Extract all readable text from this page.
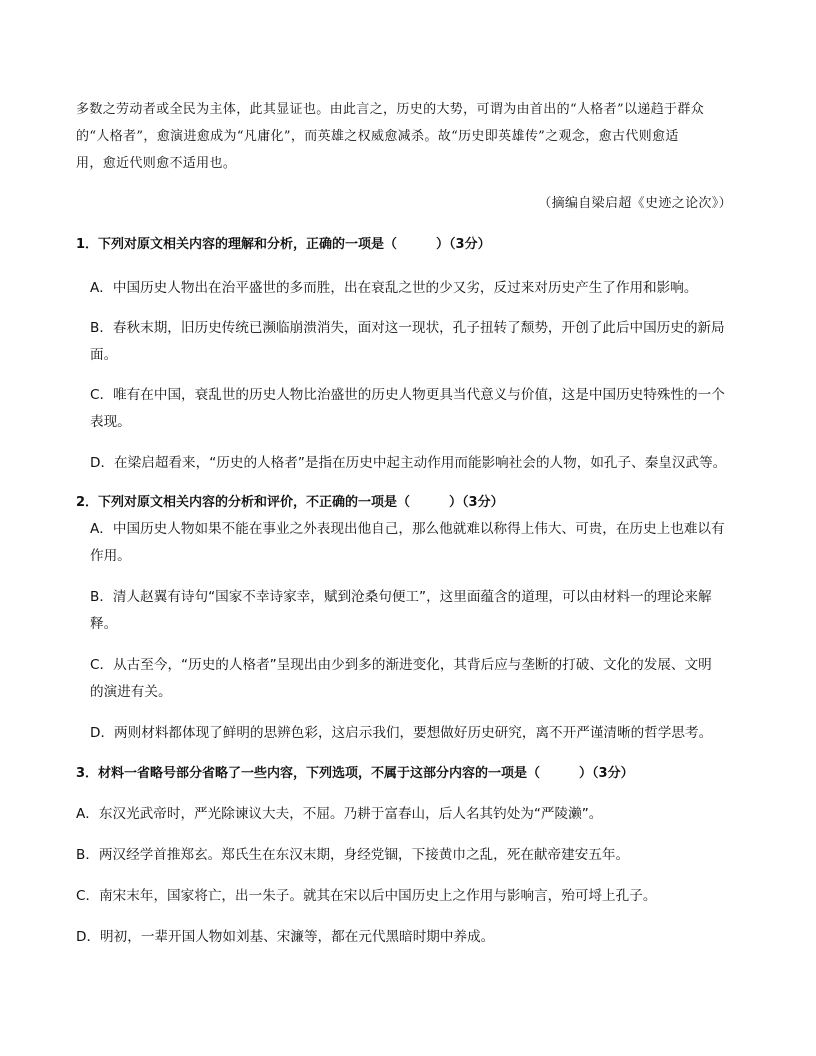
多数之劳动者或全民为主体，此其显证也。由此言之，历史的大势，可谓为由首出的“人格者”以递趋于群众
的“人格者”，愈演进愈成为“凡庸化”，而英雄之权威愈减杀。故“历史即英雄传”之观念，愈古代则愈适
用，愈近代则愈不适用也。
（摘编自梁启超《史迹之论次》）
1．下列对原文相关内容的理解和分析，正确的一项是（　　　）（3分）
A．中国历史人物出在治平盛世的多而胜，出在衰乱之世的少又劣，反过来对历史产生了作用和影响。
B．春秋末期，旧历史传统已濒临崩溃消失，面对这一现状，孔子扭转了颓势，开创了此后中国历史的新局
面。
C．唯有在中国，衰乱世的历史人物比治盛世的历史人物更具当代意义与价值，这是中国历史特殊性的一个
表现。
D．在梁启超看来，“历史的人格者”是指在历史中起主动作用而能影响社会的人物，如孔子、秦皇汉武等。
2．下列对原文相关内容的分析和评价，不正确的一项是（　　　）（3分）
A．中国历史人物如果不能在事业之外表现出他自己，那么他就难以称得上伟大、可贵，在历史上也难以有
作用。
B．清人赵翼有诗句“国家不幸诗家幸，赋到沧桑句便工”，这里面蕴含的道理，可以由材料一的理论来解
释。
C．从古至今，“历史的人格者”呈现出由少到多的渐进变化，其背后应与垄断的打破、文化的发展、文明
的演进有关。
D．两则材料都体现了鲜明的思辨色彩，这启示我们，要想做好历史研究，离不开严谨清晰的哲学思考。
3．材料一省略号部分省略了一些内容，下列选项，不属于这部分内容的一项是（　　　）（3分）
A．东汉光武帝时，严光除谏议大夫，不屈。乃耕于富春山，后人名其钓处为“严陵濑”。
B．两汉经学首推郑玄。郑氏生在东汉末期，身经党锢，下接黄巾之乱，死在献帝建安五年。
C．南宋末年，国家将亡，出一朱子。就其在宋以后中国历史上之作用与影响言，殆可埒上孔子。
D．明初，一辈开国人物如刘基、宋濂等，都在元代黑暗时期中养成。
